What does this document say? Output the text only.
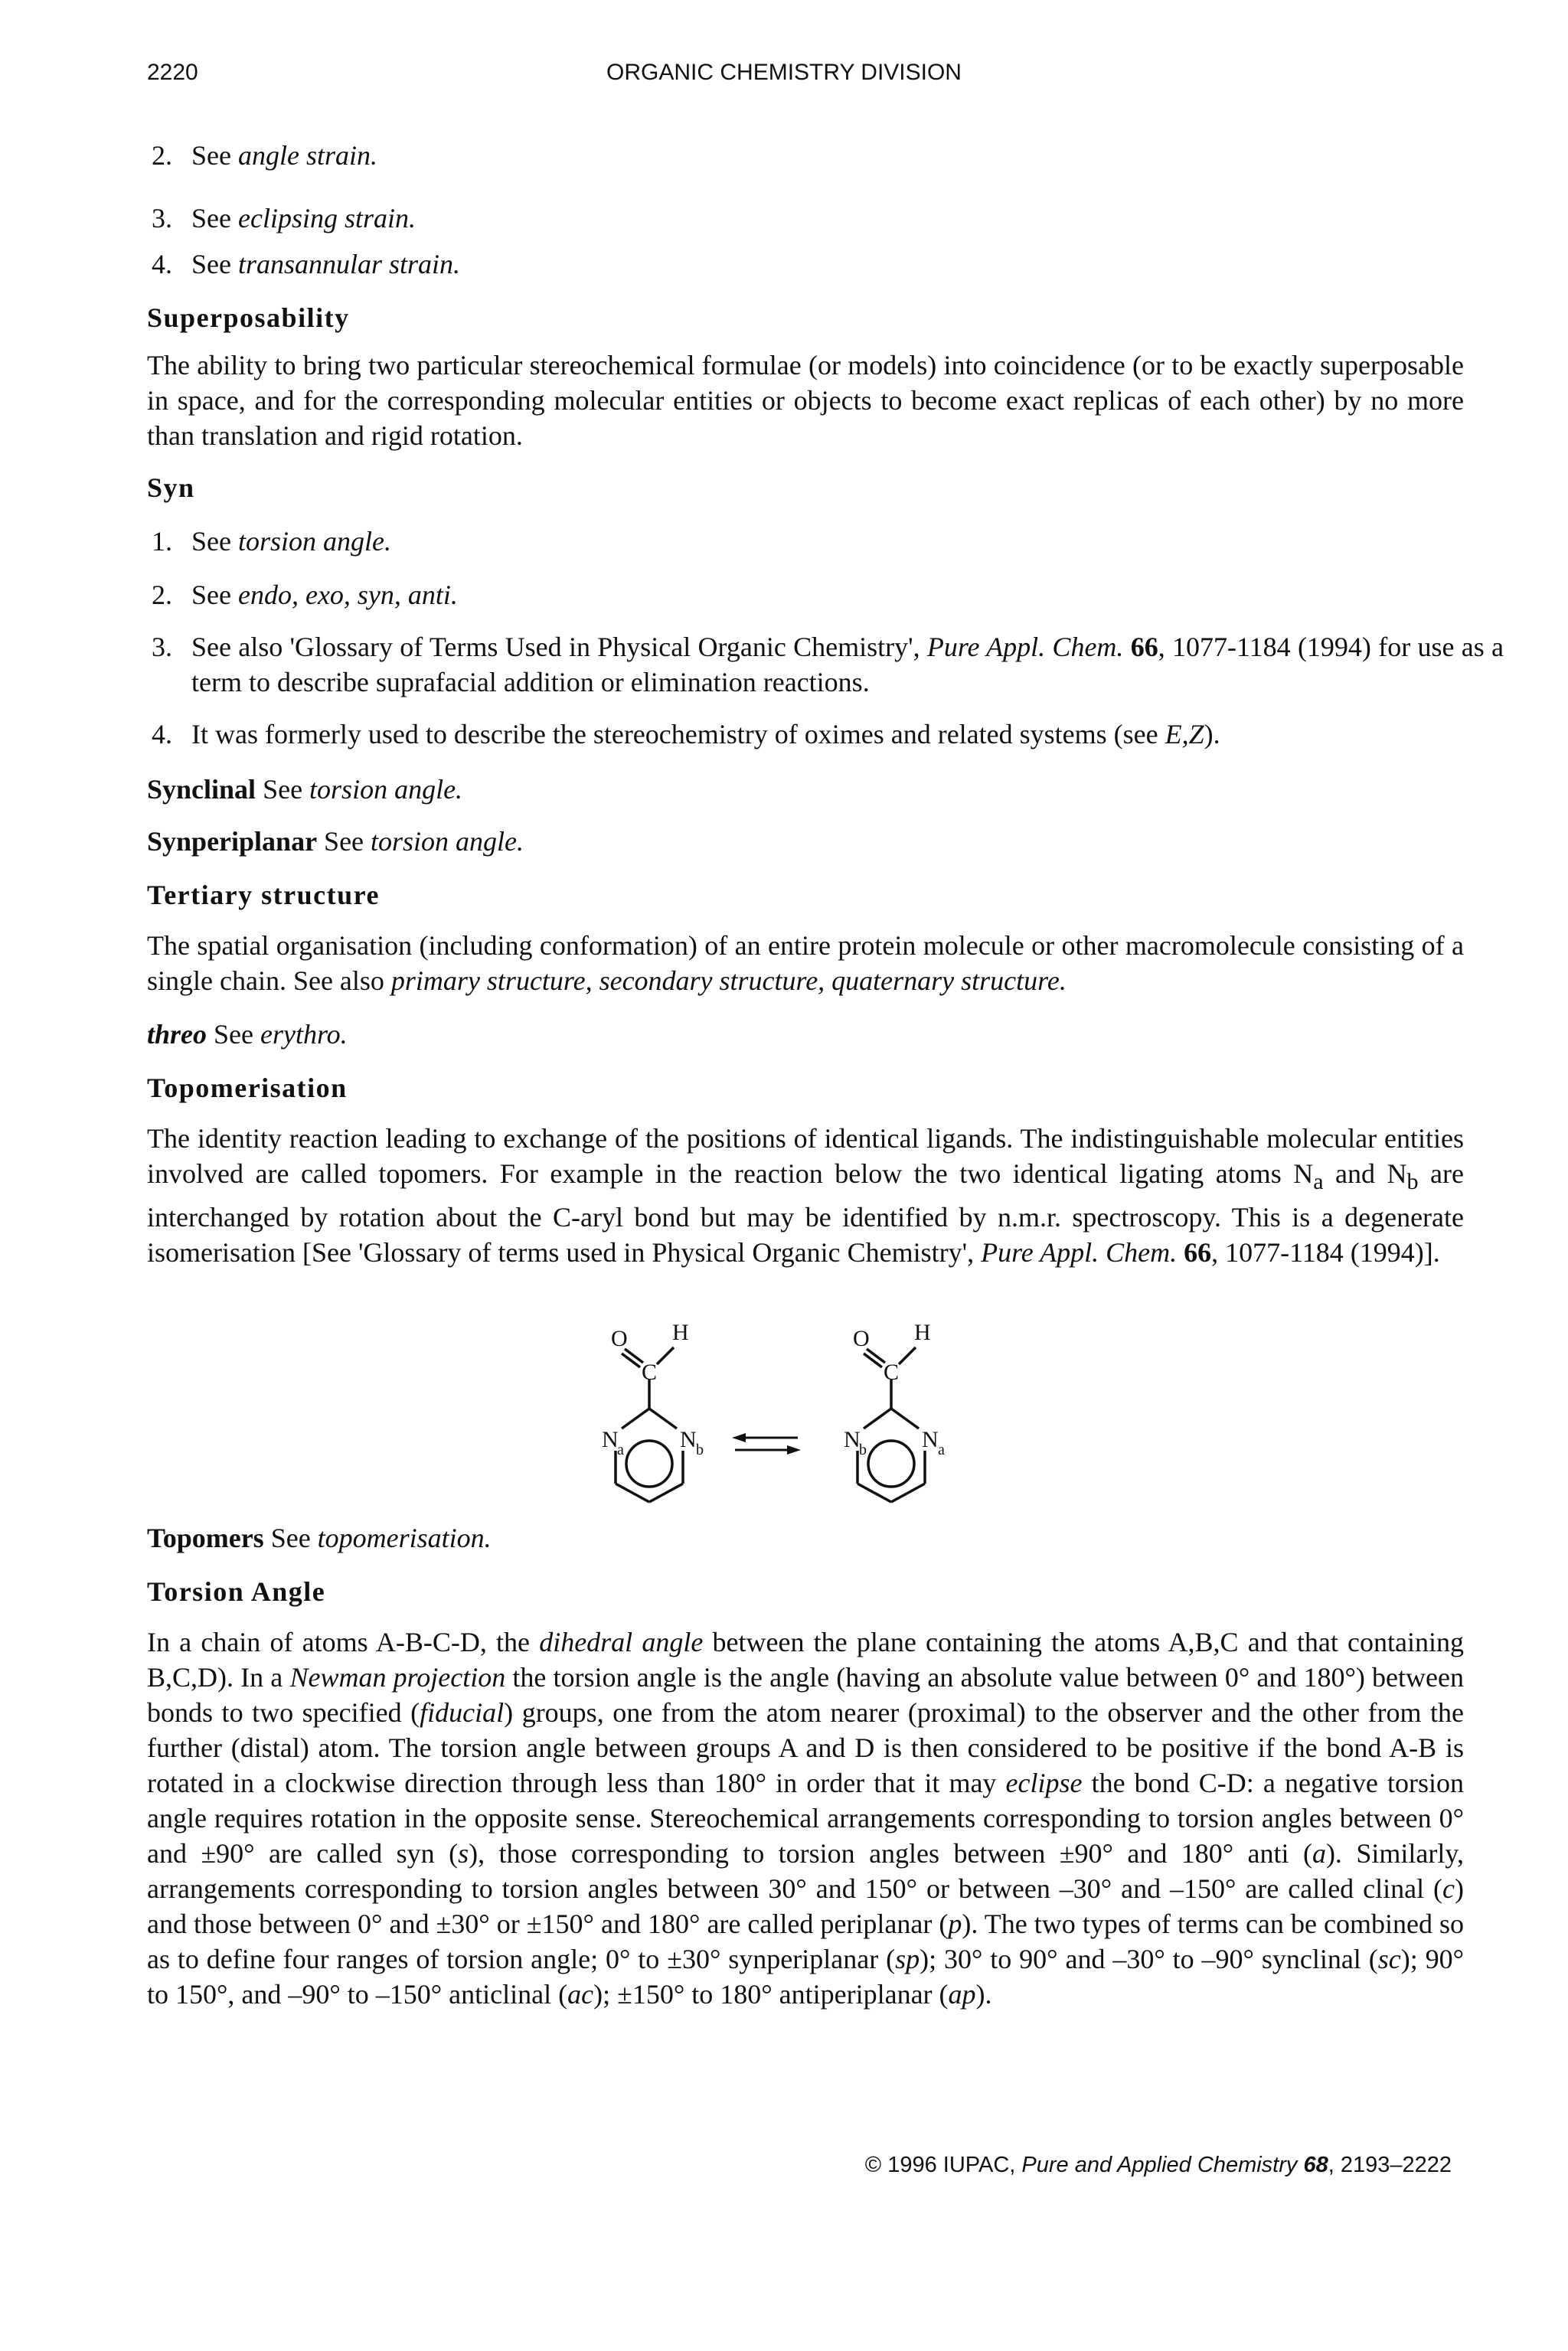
2220	ORGANIC CHEMISTRY DIVISION
2. See angle strain.
3. See eclipsing strain.
4. See transannular strain.
Superposability

The ability to bring two particular stereochemical formulae (or models) into coincidence (or to be exactly superposable in space, and for the corresponding molecular entities or objects to become exact replicas of each other) by no more than translation and rigid rotation.

Syn
1. See torsion angle.
2. See endo, exo, syn, anti.
3. See also 'Glossary of Terms Used in Physical Organic Chemistry', Pure Appl. Chem. 66, 1077-1184 (1994) for use as a term to describe suprafacial addition or elimination reactions.
4. It was formerly used to describe the stereochemistry of oximes and related systems (see E,Z).
Synclinal See torsion angle.
Synperiplanar See torsion angle.
Tertiary structure

The spatial organisation (including conformation) of an entire protein molecule or other macromolecule consisting of a single chain. See also primary structure, secondary structure, quaternary structure.

threo See erythro.
Topomerisation

The identity reaction leading to exchange of the positions of identical ligands. The indistinguishable molecular entities involved are called topomers. For example in the reaction below the two identical ligating atoms $N_a$ and $N_b$ are interchanged by rotation about the C-aryl bond but may be identified by n.m.r. spectroscopy. This is a degenerate isomerisation [See 'Glossary of terms used in Physical Organic Chemistry', Pure Appl. Chem. 66, 1077-1184 (1994)].

O H
C
N
a N b
O H
C
N
b N a
Topomers See topomerisation.
Torsion Angle

In a chain of atoms A-B-C-D, the dihedral angle between the plane containing the atoms A,B,C and that containing B,C,D). In a Newman projection the torsion angle is the angle (having an absolute value between 0° and 180°) between bonds to two specified (fiducial) groups, one from the atom nearer (proximal) to the observer and the other from the further (distal) atom. The torsion angle between groups A and D is then considered to be positive if the bond A-B is rotated in a clockwise direction through less than 180° in order that it may eclipse the bond C-D: a negative torsion angle requires rotation in the opposite sense. Stereochemical arrangements corresponding to torsion angles between 0° and ±90° are called syn (s), those corresponding to torsion angles between ±90° and 180° anti (a). Similarly, arrangements corresponding to torsion angles between 30° and 150° or between –30° and –150° are called clinal (c) and those between 0° and ±30° or ±150° and 180° are called periplanar (p). The two types of terms can be combined so as to define four ranges of torsion angle; 0° to ±30° synperiplanar (sp); 30° to 90° and –30° to –90° synclinal (sc); 90° to 150°, and –90° to –150° anticlinal (ac); ±150° to 180° antiperiplanar (ap).

© 1996 IUPAC, Pure and Applied Chemistry 68, 2193–2222
